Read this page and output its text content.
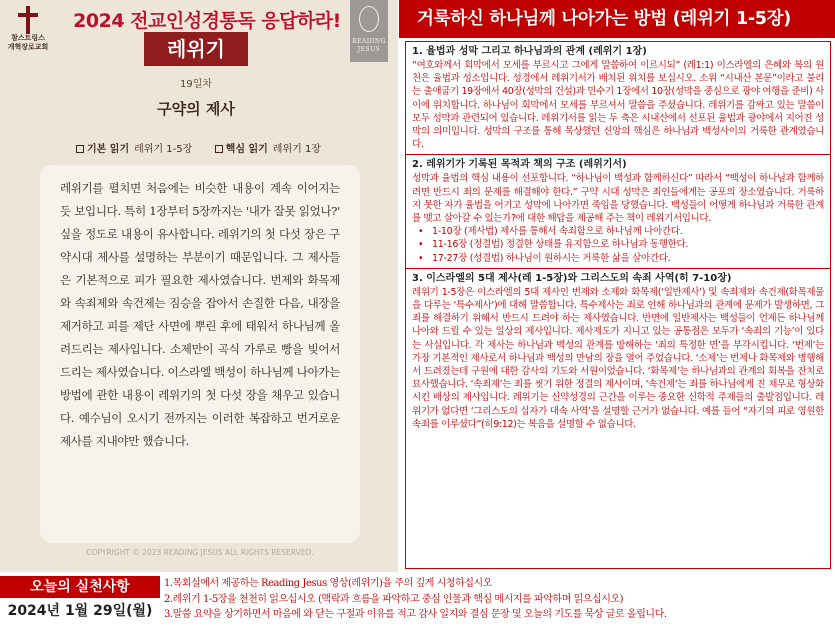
참스트링스
개혁장로교회
2024 전교인성경통독 응답하라!
READING
JESUS
레위기
19일차
구약의 제사
기본 읽기 레위기 1-5장	핵심 읽기 레위기 1장
레위기를 펼치면 처음에는 비슷한 내용이 계속 이어지는 듯 보입니다. 특히 1장부터 5장까지는 '내가 잘못 읽었나?' 싶을 정도로 내용이 유사합니다. 레위기의 첫 다섯 장은 구약시대 제사를 설명하는 부분이기 때문입니다. 그 제사들은 기본적으로 피가 필요한 제사였습니다. 번제와 화목제와 속죄제와 속건제는 짐승을 잡아서 손질한 다음, 내장을 제거하고 피를 제단 사면에 뿌린 후에 태워서 하나님께 올려드리는 제사입니다. 소제만이 곡식 가루로 빵을 빚어서 드리는 제사였습니다. 이스라엘 백성이 하나님께 나아가는 방법에 관한 내용이 레위기의 첫 다섯 장을 채우고 있습니다. 예수님이 오시기 전까지는 이러한 복잡하고 번거로운 제사를 지내야만 했습니다.
COPYRIGHT © 2023 READING JESUS ALL RIGHTS RESERVED.
거룩하신 하나님께 나아가는 방법 (레위기 1-5장)
1. 율법과 성막 그리고 하나님과의 관계 (레위기 1장)

“여호와께서 회막에서 모세를 부르시고 그에게 말씀하여 이르시되” (레1:1) 이스라엘의 은혜와 복의 원천은 율법과 성소입니다. 성경에서 레위기서가 배치된 위치를 보십시오. 소위 “시내산 본문”이라고 불리는 출애굽기 19장에서 40장(성막의 건설)과 민수기 1장에서 10장(성막을 중심으로 광야 여행을 준비) 사이에 위치합니다. 하나님이 회막에서 모세를 부르셔서 말씀을 주셨습니다. 레위기를 감싸고 있는 말씀이 모두 성막과 관련되어 있습니다. 레위기서를 읽는 두 축은 시내산에서 선포된 율법과 광야에서 지어진 성막의 의미입니다. 성막의 구조를 통해 묵상했던 신앙의 핵심은 하나님과 백성사이의 거룩한 관계였습니다.

2. 레위기가 기록된 목적과 책의 구조 (레위기서)

성막과 율법의 핵심 내용이 선포합니다. “하나님이 백성과 함께하신다” 따라서 “백성이 하나님과 함께하려면 반드시 죄의 문제를 해결해야 한다.” 구약 시대 성막은 죄인들에게는 공포의 장소였습니다. 거룩하지 못한 자가 율법을 어기고 성막에 나아가면 죽임을 당했습니다. 백성들이 어떻게 하나님과 거룩한 관계를 맺고 살아갈 수 있는가?에 대한 해답을 제공해 주는 책이 레위기서입니다.

• 1-10장 (제사법) 제사를 통해서 속죄함으로 하나님께 나아간다.
• 11-16장 (정결법) 정결한 상태를 유지함으로 하나님과 동행한다.
• 17-27장 (성결법) 하나님이 원하시는 거룩한 삶을 살아간다.
3. 이스라엘의 5대 제사(레 1-5장)와 그리스도의 속죄 사역(히 7-10장)

레위기 1-5장은 이스라엘의 5대 제사인 번제와 소제와 화목제(‘일반제사’) 및 속죄제와 속건제(화목제물을 다루는 ‘특수제사’)에 대해 말씀합니다. 특수제사는 죄로 인해 하나님과의 관계에 문제가 발생하면, 그 죄를 해결하기 위해서 반드시 드려야 하는 제사였습니다. 반면에 일반제사는 백성들이 언제든 하나님께 나아와 드릴 수 있는 일상의 제사입니다. 제사제도가 지니고 있는 공통점은 모두가 ‘속죄의 기능’이 있다는 사실입니다. 각 제사는 하나님과 백성의 관계를 방해하는 ‘죄의 특정한 면’을 부각시킵니다. ‘번제’는 가장 기본적인 제사로서 하나님과 백성의 만남의 장을 열어 주었습니다. ‘소제’는 번제나 화목제와 병행해서 드려졌는데 구원에 대한 감사의 기도와 서원이었습니다. ‘화목제’는 하나님과의 관계의 회복을 잔치로 묘사했습니다. ‘속죄제’는 죄를 씻기 위한 정결의 제사이며, ‘속건제’는 죄를 하나님에게 진 채무로 형상화 시킨 배상의 제사입니다. 레위기는 신약성경의 근간을 이루는 중요한 신학적 주제들의 출발점입니다. 레위기가 없다면 ‘그리스도의 십자가 대속 사역’을 설명할 근거가 없습니다. 예를 들어 “자기의 피로 영원한 속죄를 이루셨다”(히9:12)는 복음을 설명할 수 없습니다.

오늘의 실천사항
2024년 1월 29일(월)
1.목회실에서 제공하는 Reading Jesus 영상(레위기)을 주의 깊게 시청하십시오
2.레위기 1-5장을 천천히 읽으십시오 (맥락과 흐름을 파악하고 중심 인물과 핵심 메시지를 파악하며 읽으십시오)
3.말씀 요약을 상기하면서 마음에 와 닫는 구절과 이유를 적고 감사 일지와 결심 문장 및 오늘의 기도를 묵상 글로 올립니다.
